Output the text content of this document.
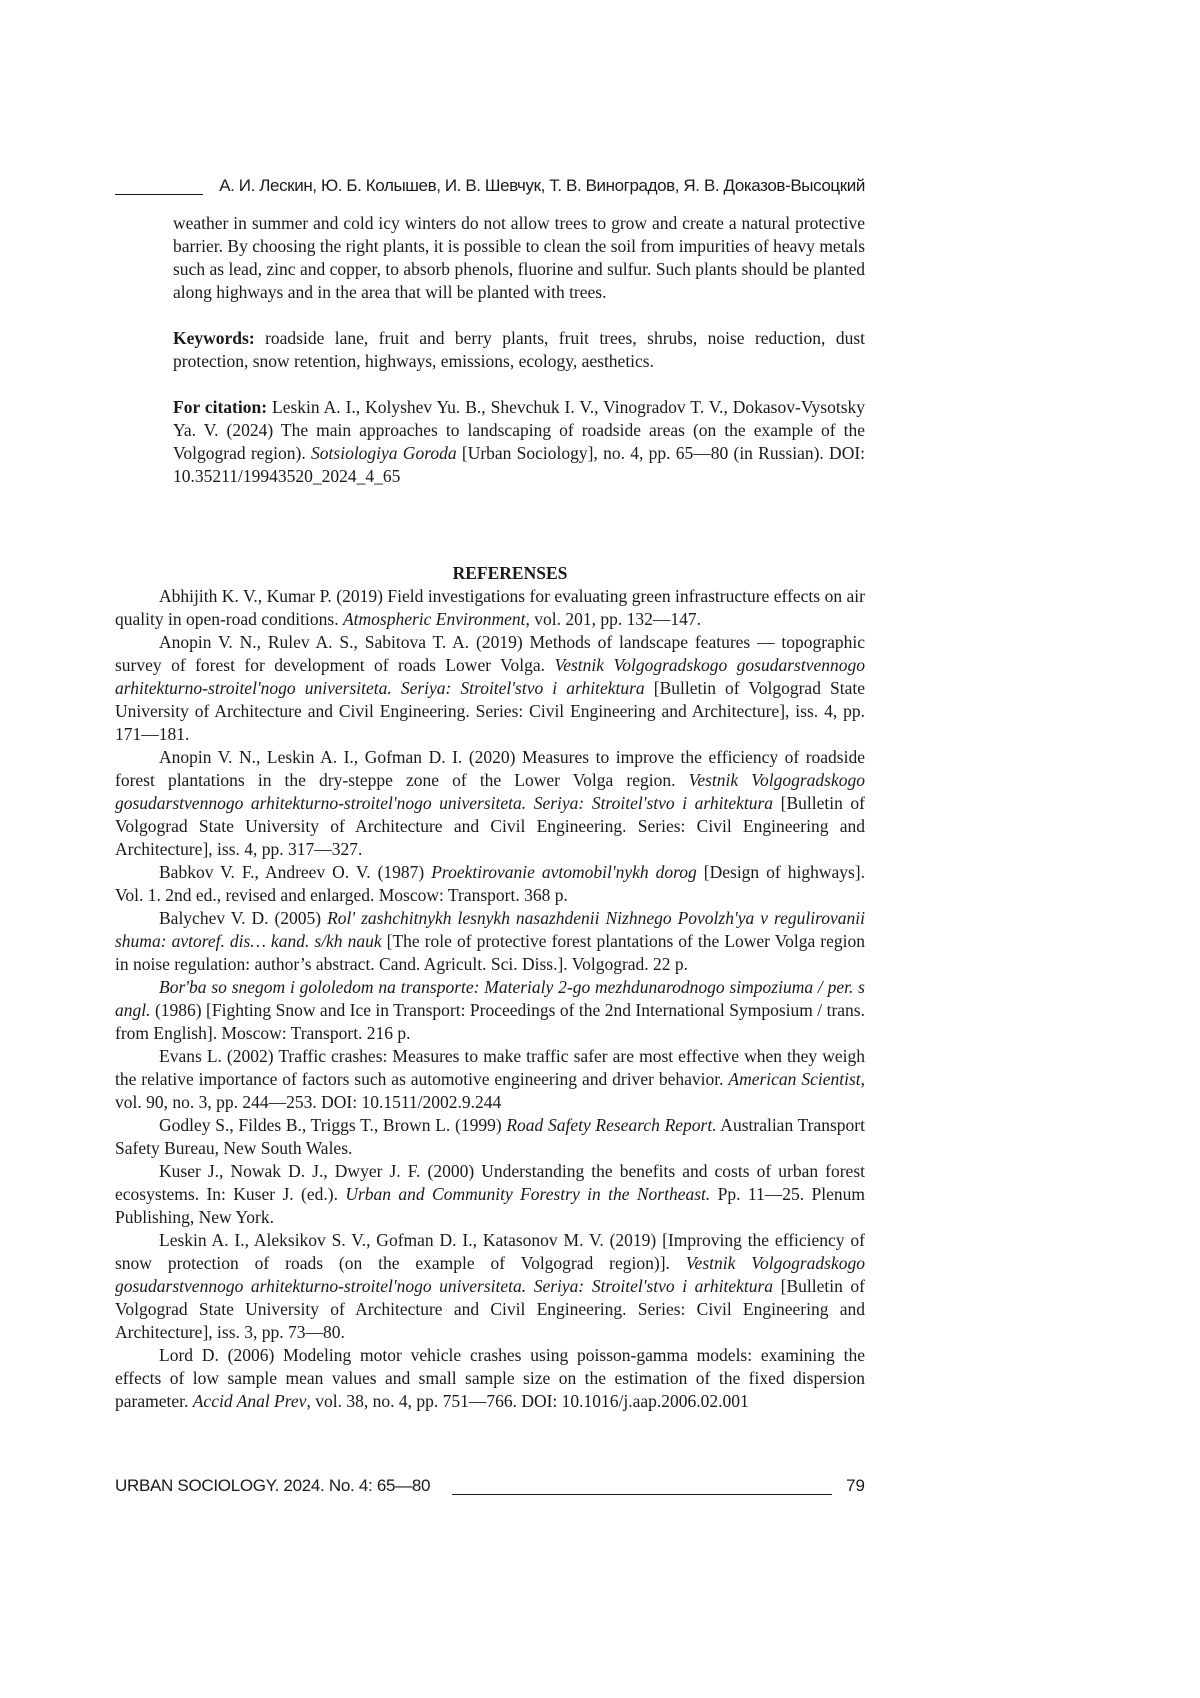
А. И. Лескин, Ю. Б. Колышев, И. В. Шевчук, Т. В. Виноградов, Я. В. Доказов-Высоцкий

weather in summer and cold icy winters do not allow trees to grow and create a natural protective barrier. By choosing the right plants, it is possible to clean the soil from impurities of heavy metals such as lead, zinc and copper, to absorb phenols, fluorine and sulfur. Such plants should be planted along highways and in the area that will be planted with trees.

Keywords: roadside lane, fruit and berry plants, fruit trees, shrubs, noise reduction, dust protection, snow retention, highways, emissions, ecology, aesthetics.

For citation: Leskin A. I., Kolyshev Yu. B., Shevchuk I. V., Vinogradov T. V., Dokasov-Vysotsky Ya. V. (2024) The main approaches to landscaping of roadside areas (on the example of the Volgograd region). Sotsiologiya Goroda [Urban Sociology], no. 4, pp. 65—80 (in Russian). DOI: 10.35211/19943520_2024_4_65

REFERENSES

Abhijith K. V., Kumar P. (2019) Field investigations for evaluating green infrastructure effects on air quality in open-road conditions. Atmospheric Environment, vol. 201, pp. 132—147.

Anopin V. N., Rulev A. S., Sabitova T. A. (2019) Methods of landscape features — topographic survey of forest for development of roads Lower Volga. Vestnik Volgogradskogo gosudarstvennogo arhitekturno-stroitel'nogo universiteta. Seriya: Stroitel'stvo i arhitektura [Bulletin of Volgograd State University of Architecture and Civil Engineering. Series: Civil Engineering and Architecture], iss. 4, pp. 171—181.

Anopin V. N., Leskin A. I., Gofman D. I. (2020) Measures to improve the efficiency of roadside forest plantations in the dry-steppe zone of the Lower Volga region. Vestnik Volgogradskogo gosudarstvennogo arhitekturno-stroitel'nogo universiteta. Seriya: Stroitel'stvo i arhitektura [Bulletin of Volgograd State University of Architecture and Civil Engineering. Series: Civil Engineering and Architecture], iss. 4, pp. 317—327.

Babkov V. F., Andreev O. V. (1987) Proektirovanie avtomobil'nykh dorog [Design of highways]. Vol. 1. 2nd ed., revised and enlarged. Moscow: Transport. 368 p.

Balychev V. D. (2005) Rol' zashchitnykh lesnykh nasazhdenii Nizhnego Povolzh'ya v regulirovanii shuma: avtoref. dis… kand. s/kh nauk [The role of protective forest plantations of the Lower Volga region in noise regulation: author’s abstract. Cand. Agricult. Sci. Diss.]. Volgograd. 22 p.

Bor'ba so snegom i gololedom na transporte: Materialy 2-go mezhdunarodnogo simpoziuma / per. s angl. (1986) [Fighting Snow and Ice in Transport: Proceedings of the 2nd International Symposium / trans. from English]. Moscow: Transport. 216 p.

Evans L. (2002) Traffic crashes: Measures to make traffic safer are most effective when they weigh the relative importance of factors such as automotive engineering and driver behavior. American Scientist, vol. 90, no. 3, pp. 244—253. DOI: 10.1511/2002.9.244

Godley S., Fildes B., Triggs T., Brown L. (1999) Road Safety Research Report. Australian Transport Safety Bureau, New South Wales.

Kuser J., Nowak D. J., Dwyer J. F. (2000) Understanding the benefits and costs of urban forest ecosystems. In: Kuser J. (ed.). Urban and Community Forestry in the Northeast. Pp. 11—25. Plenum Publishing, New York.

Leskin A. I., Aleksikov S. V., Gofman D. I., Katasonov M. V. (2019) [Improving the efficiency of snow protection of roads (on the example of Volgograd region)]. Vestnik Volgogradskogo gosudarstvennogo arhitekturno-stroitel'nogo universiteta. Seriya: Stroitel'stvo i arhitektura [Bulletin of Volgograd State University of Architecture and Civil Engineering. Series: Civil Engineering and Architecture], iss. 3, pp. 73—80.

Lord D. (2006) Modeling motor vehicle crashes using poisson-gamma models: examining the effects of low sample mean values and small sample size on the estimation of the fixed dispersion parameter. Accid Anal Prev, vol. 38, no. 4, pp. 751—766. DOI: 10.1016/j.aap.2006.02.001

URBAN SOCIOLOGY. 2024. No. 4: 65—80	79
